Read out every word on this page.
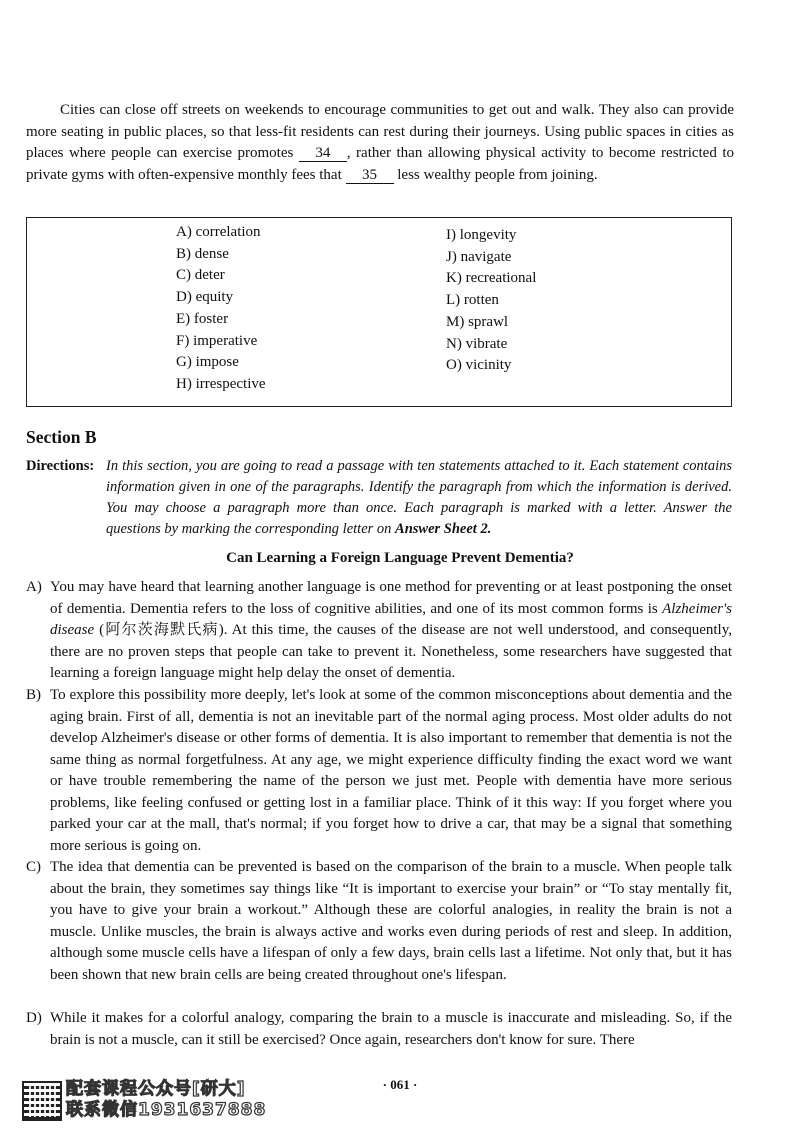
Cities can close off streets on weekends to encourage communities to get out and walk. They also can provide more seating in public places, so that less-fit residents can rest during their journeys. Using public spaces in cities as places where people can exercise promotes 34 , rather than allowing physical activity to become restricted to private gyms with often-expensive monthly fees that 35 less wealthy people from joining.

A) correlation
B) dense
C) deter
D) equity
E) foster
F) imperative
G) impose
H) irrespective
I) longevity
J) navigate
K) recreational
L) rotten
M) sprawl
N) vibrate
O) vicinity
Section B
Directions: In this section, you are going to read a passage with ten statements attached to it. Each statement contains information given in one of the paragraphs. Identify the paragraph from which the information is derived. You may choose a paragraph more than once. Each paragraph is marked with a letter. Answer the questions by marking the corresponding letter on Answer Sheet 2.

Can Learning a Foreign Language Prevent Dementia?
A) You may have heard that learning another language is one method for preventing or at least postponing the onset of dementia. Dementia refers to the loss of cognitive abilities, and one of its most common forms is Alzheimer's disease (阿尔茨海默氏病). At this time, the causes of the disease are not well understood, and consequently, there are no proven steps that people can take to prevent it. Nonetheless, some researchers have suggested that learning a foreign language might help delay the onset of dementia.

B) To explore this possibility more deeply, let's look at some of the common misconceptions about dementia and the aging brain. First of all, dementia is not an inevitable part of the normal aging process. Most older adults do not develop Alzheimer's disease or other forms of dementia. It is also important to remember that dementia is not the same thing as normal forgetfulness. At any age, we might experience difficulty finding the exact word we want or have trouble remembering the name of the person we just met. People with dementia have more serious problems, like feeling confused or getting lost in a familiar place. Think of it this way: If you forget where you parked your car at the mall, that's normal; if you forget how to drive a car, that may be a signal that something more serious is going on.

C) The idea that dementia can be prevented is based on the comparison of the brain to a muscle. When people talk about the brain, they sometimes say things like “It is important to exercise your brain” or “To stay mentally fit, you have to give your brain a workout.” Although these are colorful analogies, in reality the brain is not a muscle. Unlike muscles, the brain is always active and works even during periods of rest and sleep. In addition, although some muscle cells have a lifespan of only a few days, brain cells last a lifetime. Not only that, but it has been shown that new brain cells are being created throughout one's lifespan.

D) While it makes for a colorful analogy, comparing the brain to a muscle is inaccurate and misleading. So, if the brain is not a muscle, can it still be exercised? Once again, researchers don't know for sure. There

配套课程公众号[研大]
联系微信1931637888
· 061 ·
